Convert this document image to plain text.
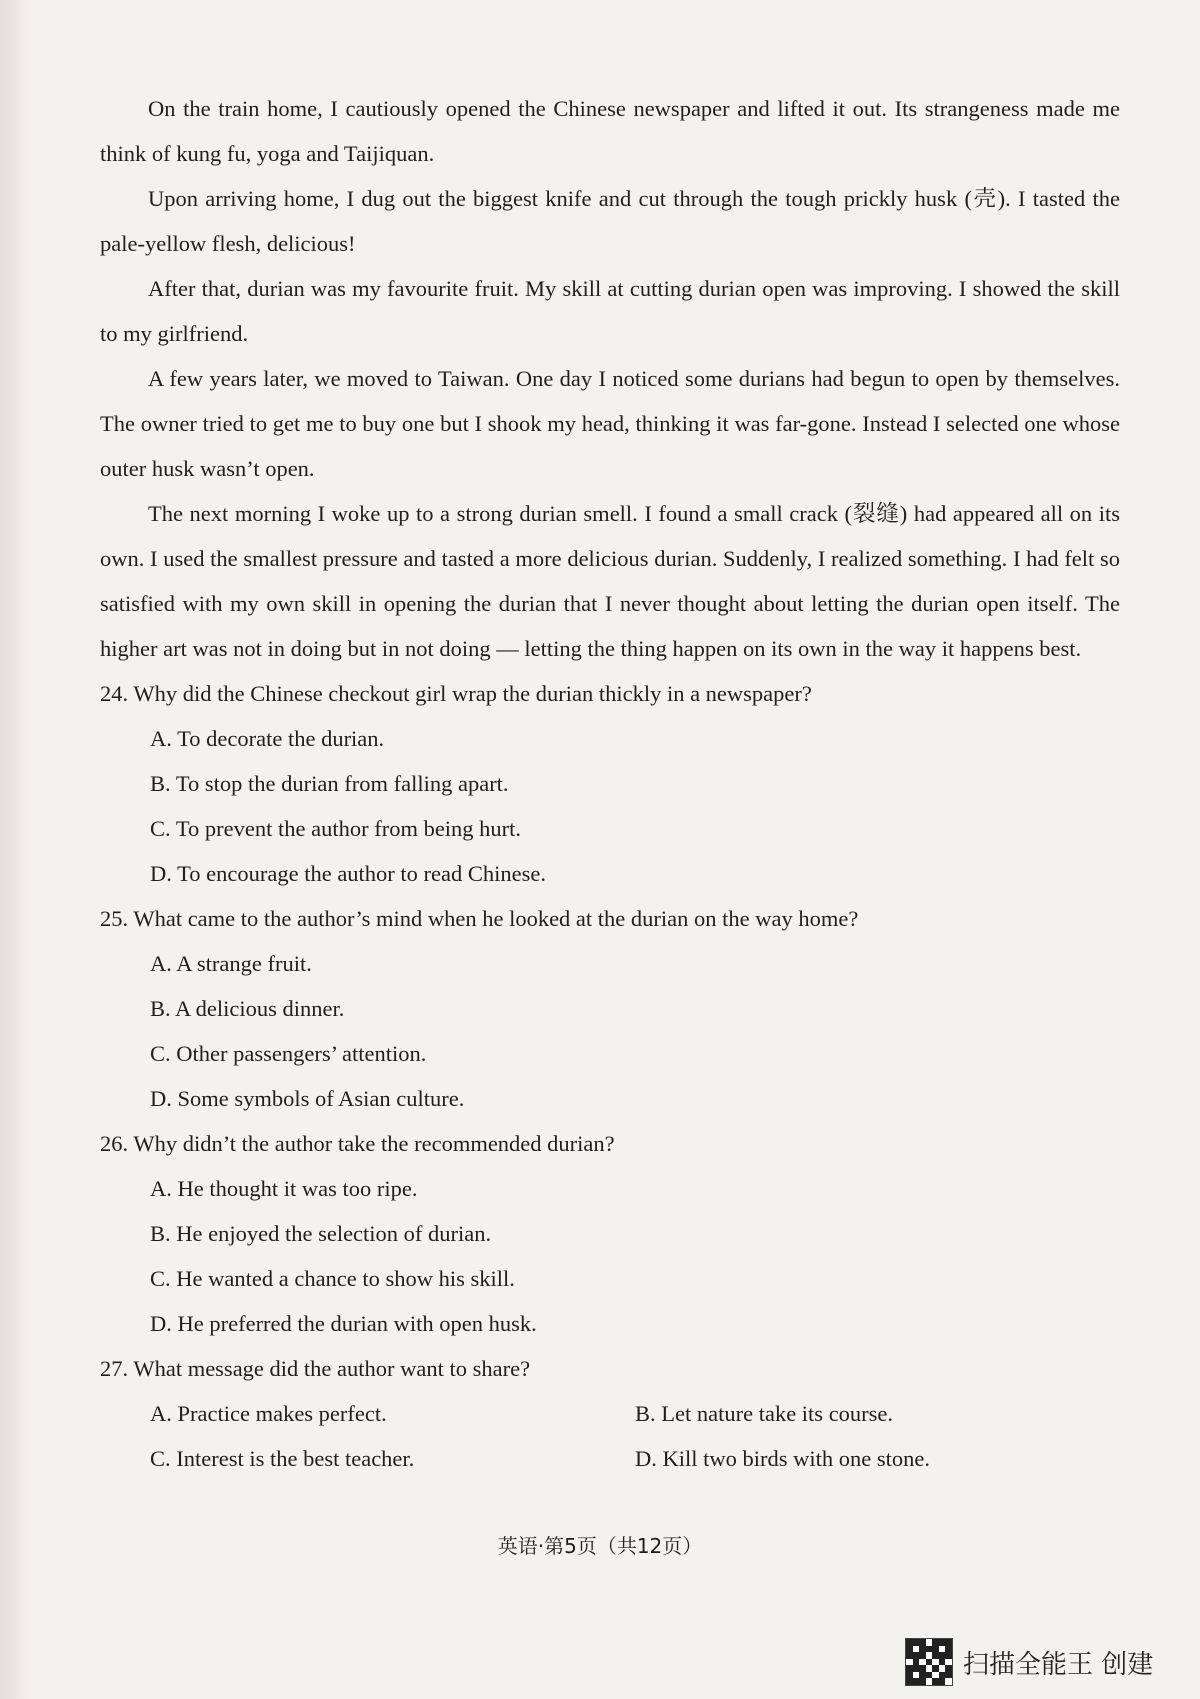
On the train home, I cautiously opened the Chinese newspaper and lifted it out. Its strangeness made me think of kung fu, yoga and Taijiquan.

Upon arriving home, I dug out the biggest knife and cut through the tough prickly husk (壳). I tasted the pale-yellow flesh, delicious!

After that, durian was my favourite fruit. My skill at cutting durian open was improving. I showed the skill to my girlfriend.

A few years later, we moved to Taiwan. One day I noticed some durians had begun to open by themselves. The owner tried to get me to buy one but I shook my head, thinking it was far-gone. Instead I selected one whose outer husk wasn’t open.

The next morning I woke up to a strong durian smell. I found a small crack (裂缝) had appeared all on its own. I used the smallest pressure and tasted a more delicious durian. Suddenly, I realized something. I had felt so satisfied with my own skill in opening the durian that I never thought about letting the durian open itself. The higher art was not in doing but in not doing — letting the thing happen on its own in the way it happens best.

24. Why did the Chinese checkout girl wrap the durian thickly in a newspaper?
A. To decorate the durian.
B. To stop the durian from falling apart.
C. To prevent the author from being hurt.
D. To encourage the author to read Chinese.
25. What came to the author’s mind when he looked at the durian on the way home?
A. A strange fruit.
B. A delicious dinner.
C. Other passengers’ attention.
D. Some symbols of Asian culture.
26. Why didn’t the author take the recommended durian?
A. He thought it was too ripe.
B. He enjoyed the selection of durian.
C. He wanted a chance to show his skill.
D. He preferred the durian with open husk.
27. What message did the author want to share?
A. Practice makes perfect.	B. Let nature take its course.
C. Interest is the best teacher.	D. Kill two birds with one stone.
英语·第5页（共12页）
扫描全能王 创建
